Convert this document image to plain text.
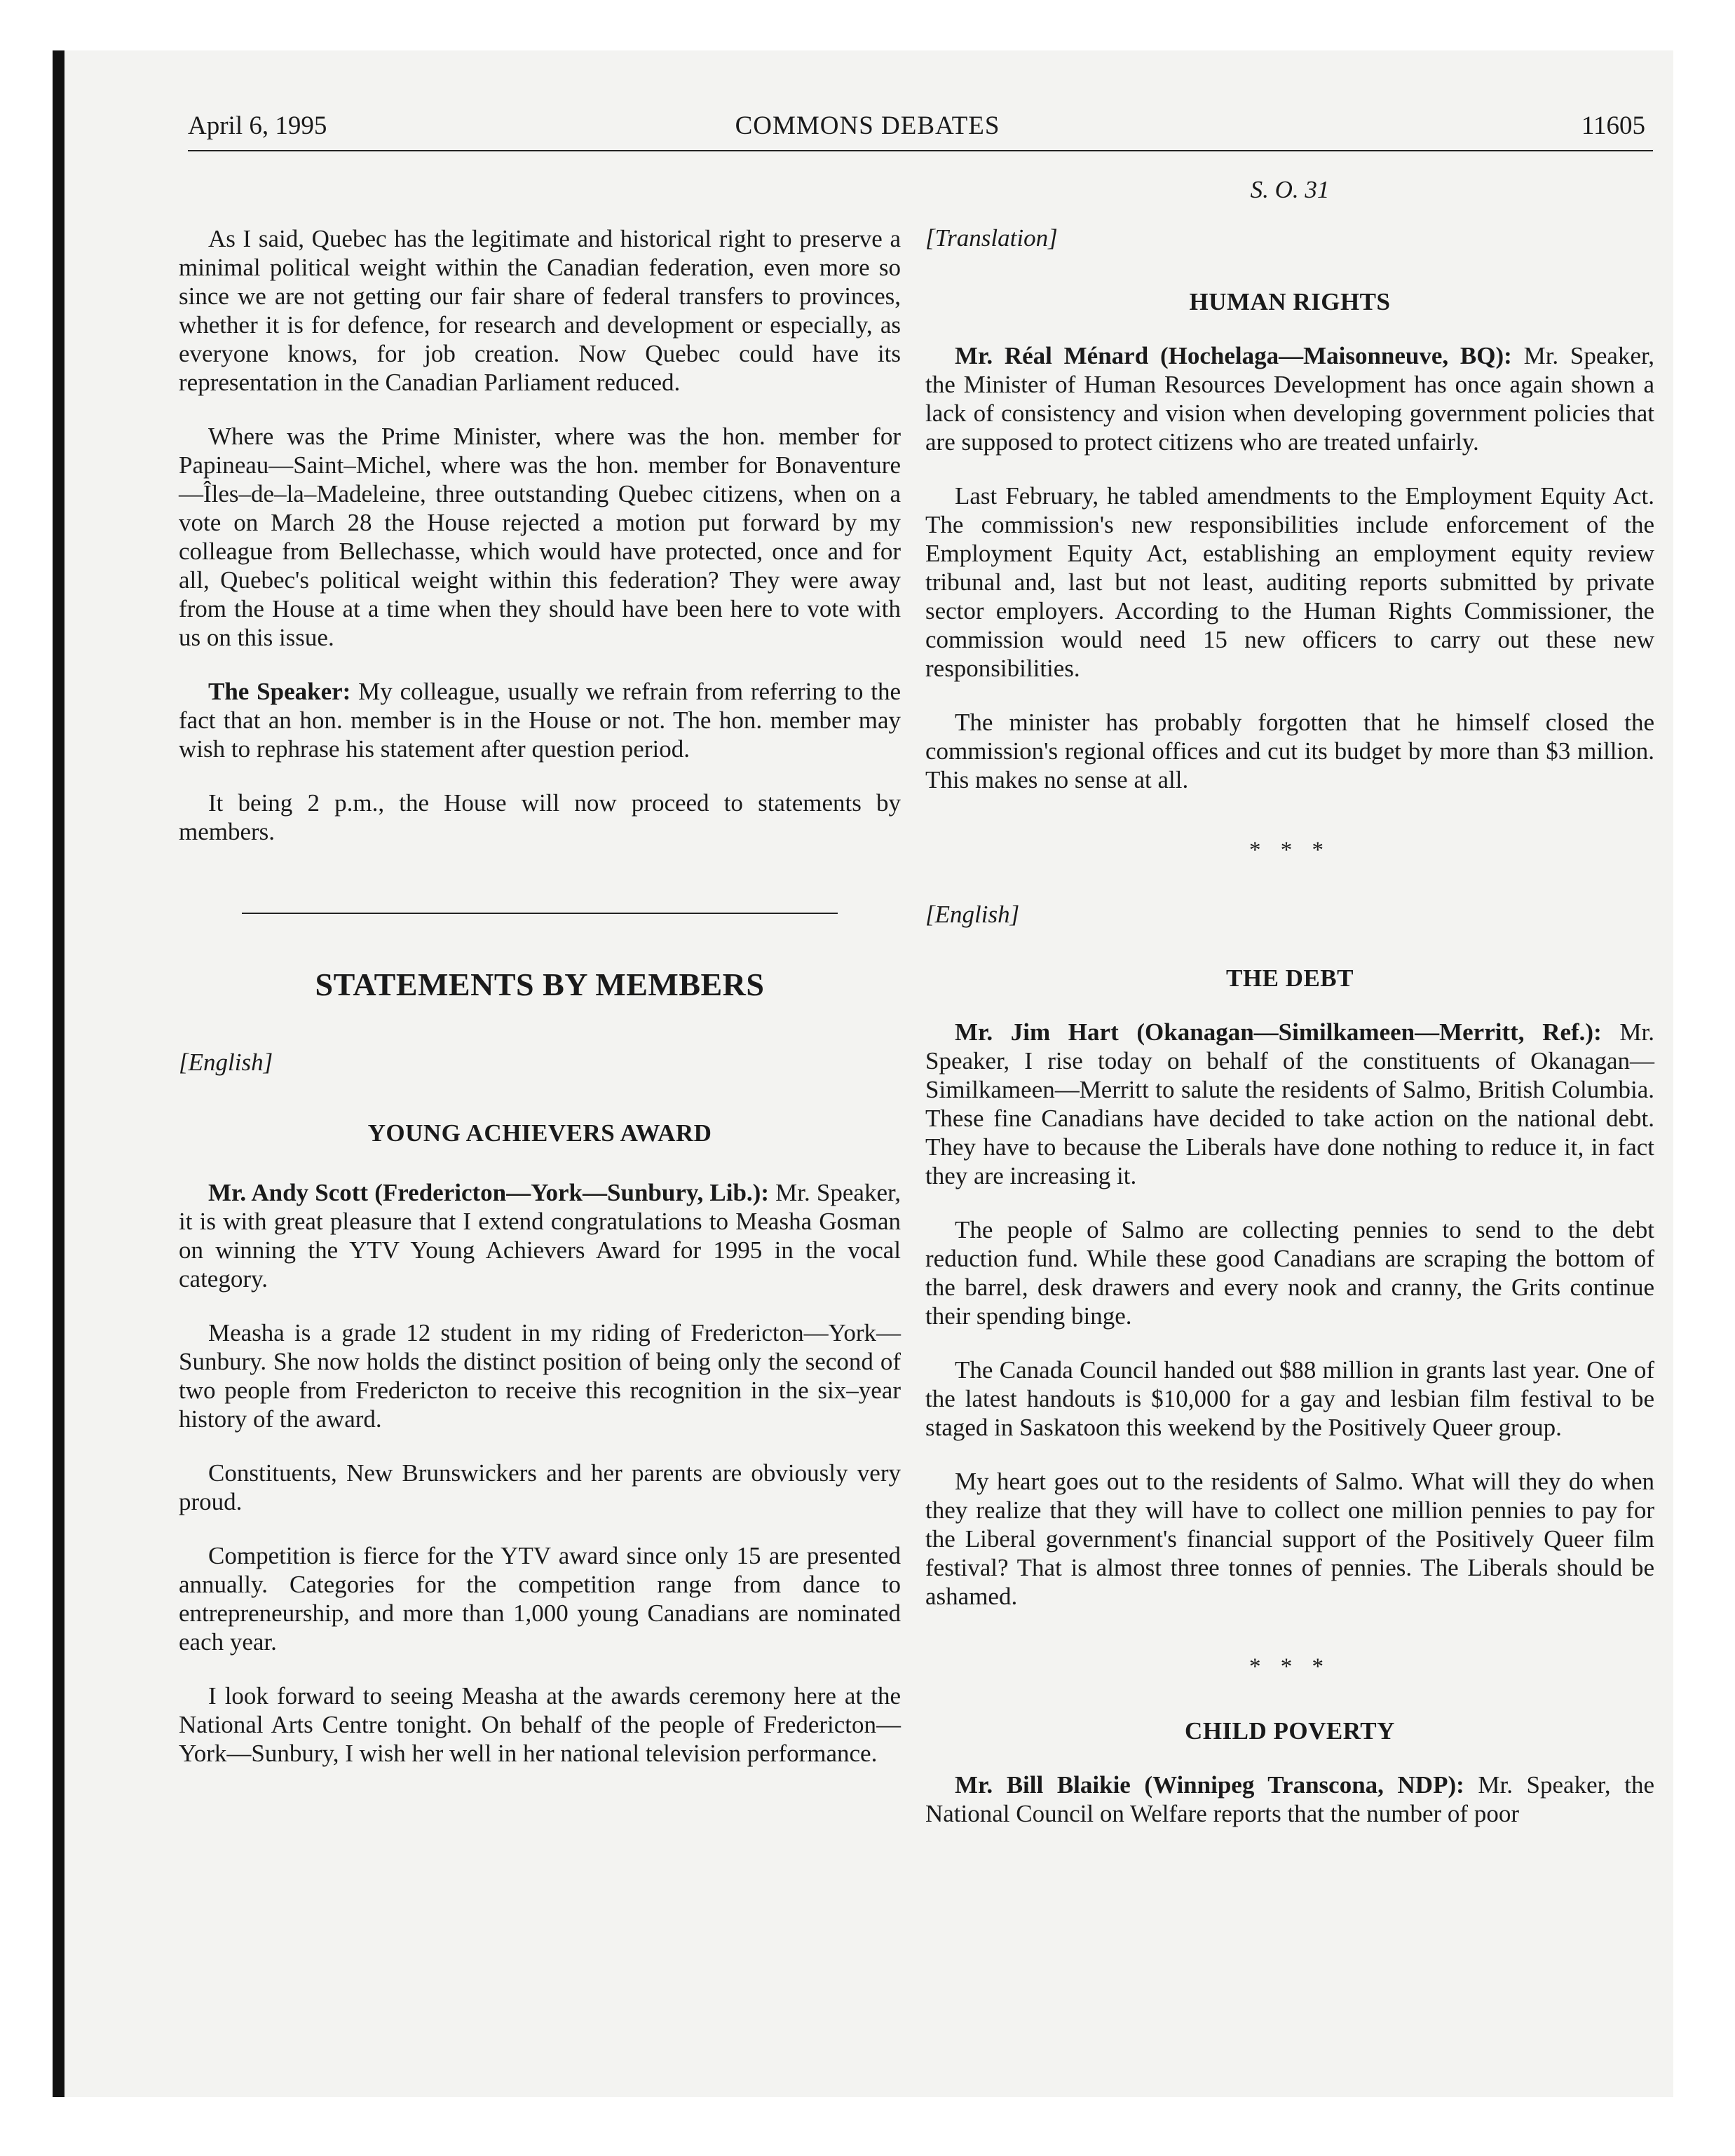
April 6, 1995	COMMONS DEBATES	11605

As I said, Quebec has the legitimate and historical right to preserve a minimal political weight within the Canadian federation, even more so since we are not getting our fair share of federal transfers to provinces, whether it is for defence, for research and development or especially, as everyone knows, for job creation. Now Quebec could have its representation in the Canadian Parliament reduced.

Where was the Prime Minister, where was the hon. member for Papineau—Saint–Michel, where was the hon. member for Bonaventure—Îles–de–la–Madeleine, three outstanding Quebec citizens, when on a vote on March 28 the House rejected a motion put forward by my colleague from Bellechasse, which would have protected, once and for all, Quebec's political weight within this federation? They were away from the House at a time when they should have been here to vote with us on this issue.

The Speaker: My colleague, usually we refrain from referring to the fact that an hon. member is in the House or not. The hon. member may wish to rephrase his statement after question period.

It being 2 p.m., the House will now proceed to statements by members.

STATEMENTS BY MEMBERS

[English]

YOUNG ACHIEVERS AWARD

Mr. Andy Scott (Fredericton—York—Sunbury, Lib.): Mr. Speaker, it is with great pleasure that I extend congratulations to Measha Gosman on winning the YTV Young Achievers Award for 1995 in the vocal category.

Measha is a grade 12 student in my riding of Fredericton—York—Sunbury. She now holds the distinct position of being only the second of two people from Fredericton to receive this recognition in the six–year history of the award.

Constituents, New Brunswickers and her parents are obviously very proud.

Competition is fierce for the YTV award since only 15 are presented annually. Categories for the competition range from dance to entrepreneurship, and more than 1,000 young Canadians are nominated each year.

I look forward to seeing Measha at the awards ceremony here at the National Arts Centre tonight. On behalf of the people of Fredericton—York—Sunbury, I wish her well in her national television performance.

S. O. 31

[Translation]

HUMAN RIGHTS

Mr. Réal Ménard (Hochelaga—Maisonneuve, BQ): Mr. Speaker, the Minister of Human Resources Development has once again shown a lack of consistency and vision when developing government policies that are supposed to protect citizens who are treated unfairly.

Last February, he tabled amendments to the Employment Equity Act. The commission's new responsibilities include enforcement of the Employment Equity Act, establishing an employment equity review tribunal and, last but not least, auditing reports submitted by private sector employers. According to the Human Rights Commissioner, the commission would need 15 new officers to carry out these new responsibilities.

The minister has probably forgotten that he himself closed the commission's regional offices and cut its budget by more than $3 million. This makes no sense at all.

* * *

[English]

THE DEBT

Mr. Jim Hart (Okanagan—Similkameen—Merritt, Ref.): Mr. Speaker, I rise today on behalf of the constituents of Okanagan—Similkameen—Merritt to salute the residents of Salmo, British Columbia. These fine Canadians have decided to take action on the national debt. They have to because the Liberals have done nothing to reduce it, in fact they are increasing it.

The people of Salmo are collecting pennies to send to the debt reduction fund. While these good Canadians are scraping the bottom of the barrel, desk drawers and every nook and cranny, the Grits continue their spending binge.

The Canada Council handed out $88 million in grants last year. One of the latest handouts is $10,000 for a gay and lesbian film festival to be staged in Saskatoon this weekend by the Positively Queer group.

My heart goes out to the residents of Salmo. What will they do when they realize that they will have to collect one million pennies to pay for the Liberal government's financial support of the Positively Queer film festival? That is almost three tonnes of pennies. The Liberals should be ashamed.

* * *
CHILD POVERTY

Mr. Bill Blaikie (Winnipeg Transcona, NDP): Mr. Speaker, the National Council on Welfare reports that the number of poor
